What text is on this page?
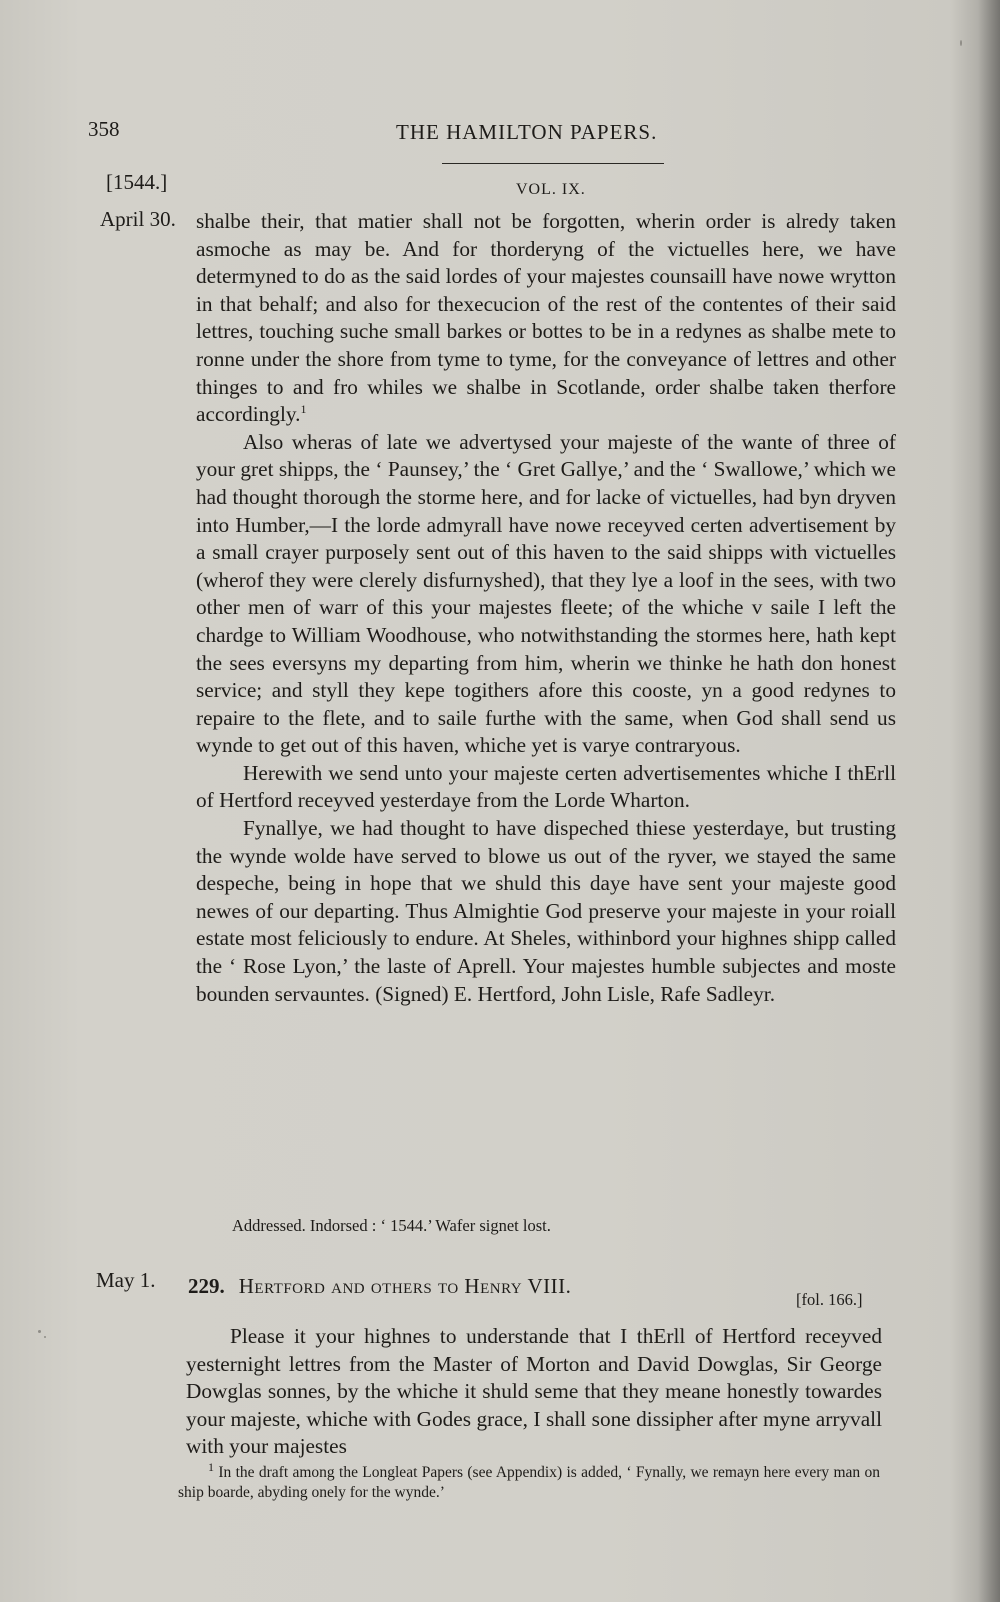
358	THE HAMILTON PAPERS.
[1544.]	VOL. IX.
April 30. shalbe their, that matier shall not be forgotten, wherin order is alredy taken asmoche as may be. And for thorderyng of the victuelles here, we have determyned to do as the said lordes of your majestes counsaill have nowe wrytton in that behalf; and also for thexecucion of the rest of the contentes of their said lettres, touching suche small barkes or bottes to be in a redynes as shalbe mete to ronne under the shore from tyme to tyme, for the conveyance of lettres and other thinges to and fro whiles we shalbe in Scotlande, order shalbe taken therfore accordingly.$^1$

Also wheras of late we advertysed your majeste of the wante of three of your gret shipps, the ‘ Paunsey,’ the ‘ Gret Gallye,’ and the ‘ Swallowe,’ which we had thought thorough the storme here, and for lacke of victuelles, had byn dryven into Humber,—I the lorde admyrall have nowe receyved certen advertisement by a small crayer purposely sent out of this haven to the said shipps with victuelles (wherof they were clerely disfurnyshed), that they lye a loof in the sees, with two other men of warr of this your majestes fleete; of the whiche v saile I left the chardge to William Woodhouse, who notwithstanding the stormes here, hath kept the sees eversyns my departing from him, wherin we thinke he hath don honest service; and styll they kepe togithers afore this cooste, yn a good redynes to repaire to the flete, and to saile furthe with the same, when God shall send us wynde to get out of this haven, whiche yet is varye contraryous.

Herewith we send unto your majeste certen advertisementes whiche I thErll of Hertford receyved yesterdaye from the Lorde Wharton.

Fynallye, we had thought to have dispeched thiese yesterdaye, but trusting the wynde wolde have served to blowe us out of the ryver, we stayed the same despeche, being in hope that we shuld this daye have sent your majeste good newes of our departing. Thus Almightie God preserve your majeste in your roiall estate most feliciously to endure. At Sheles, withinbord your highnes shipp called the ‘ Rose Lyon,’ the laste of Aprell. Your majestes humble subjectes and moste bounden servauntes. (Signed) E. Hertford, John Lisle, Rafe Sadleyr.

Addressed. Indorsed : ‘ 1544.’ Wafer signet lost.
May 1. 229. Hertford and others to Henry VIII.
[fol. 166.]

Please it your highnes to understande that I thErll of Hertford receyved yesternight lettres from the Master of Morton and David Dowglas, Sir George Dowglas sonnes, by the whiche it shuld seme that they meane honestly towardes your majeste, whiche with Godes grace, I shall sone dissipher after myne arryvall with your majestes

$^1$ In the draft among the Longleat Papers (see Appendix) is added, ‘ Fynally, we remayn here every man on ship boarde, abyding onely for the wynde.’
